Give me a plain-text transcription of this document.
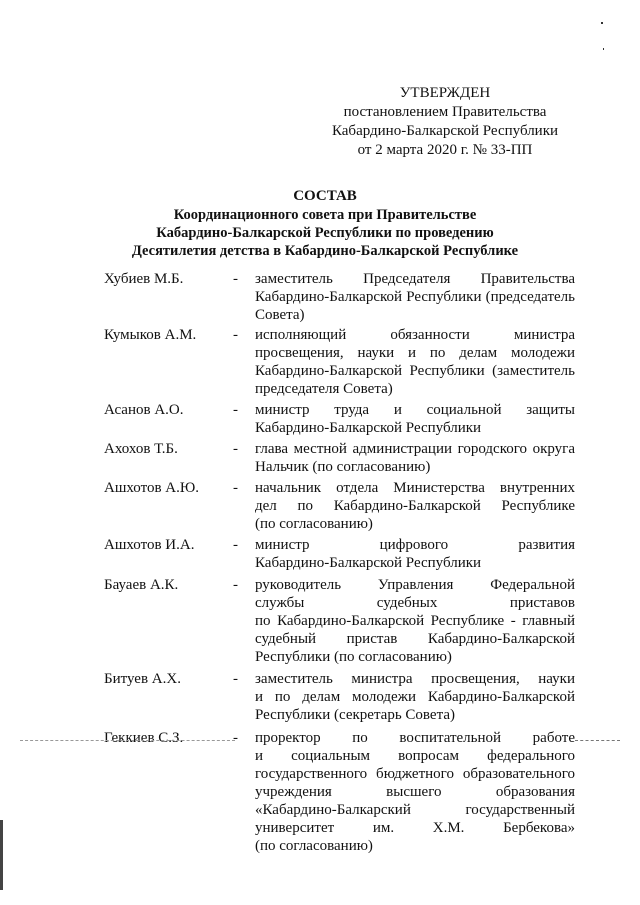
УТВЕРЖДЕН
постановлением Правительства
Кабардино-Балкарской Республики
от 2 марта 2020 г. № 33-ПП
СОСТАВ
Координационного совета при Правительстве
Кабардино-Балкарской Республики по проведению
Десятилетия детства в Кабардино-Балкарской Республике
Хубиев М.Б.	- заместитель Председателя Правительства
Кабардино-Балкарской Республики (председатель
Совета)
Кумыков А.М. - исполняющий обязанности министра
просвещения, науки и по делам молодежи
Кабардино-Балкарской Республики (заместитель
председателя Совета)
Асанов А.О.	- министр труда и социальной защиты
Кабардино-Балкарской Республики
Ахохов Т.Б.	- глава местной администрации городского округа
Нальчик (по согласованию)
Ашхотов А.Ю. - начальник отдела Министерства внутренних
дел по Кабардино-Балкарской Республике
(по согласованию)
Ашхотов И.А.	- министр цифрового развития
Кабардино-Балкарской Республики
Бауаев А.К.	- руководитель Управления Федеральной
службы судебных приставов
по Кабардино-Балкарской Республике - главный
судебный пристав Кабардино-Балкарской
Республики (по согласованию)
Битуев А.Х.	- заместитель министра просвещения, науки
и по делам молодежи Кабардино-Балкарской
Республики (секретарь Совета)
Геккиев С.З.	- проректор по воспитательной работе
и социальным вопросам федерального
государственного бюджетного образовательного
учреждения высшего образования
«Кабардино-Балкарский государственный
университет им. Х.М. Бербекова»
(по согласованию)
